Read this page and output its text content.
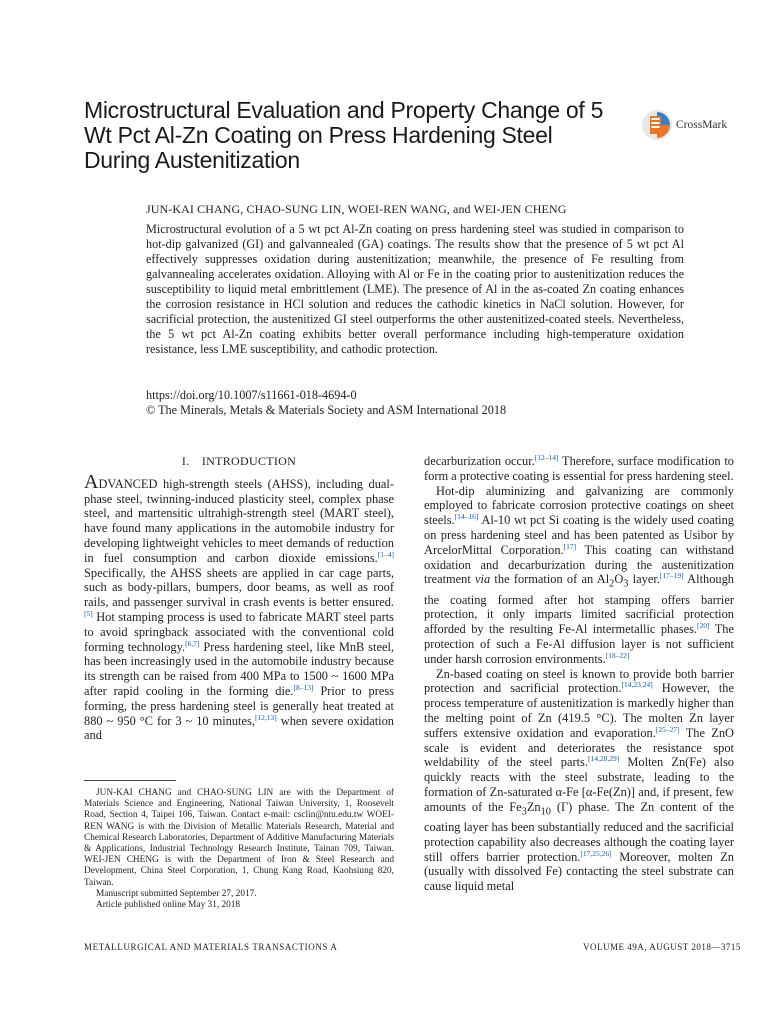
Microstructural Evaluation and Property Change of 5 Wt Pct Al-Zn Coating on Press Hardening Steel During Austenitization
CrossMark
JUN-KAI CHANG, CHAO-SUNG LIN, WOEI-REN WANG, and WEI-JEN CHENG
Microstructural evolution of a 5 wt pct Al-Zn coating on press hardening steel was studied in comparison to hot-dip galvanized (GI) and galvannealed (GA) coatings. The results show that the presence of 5 wt pct Al effectively suppresses oxidation during austenitization; meanwhile, the presence of Fe resulting from galvannealing accelerates oxidation. Alloying with Al or Fe in the coating prior to austenitization reduces the susceptibility to liquid metal embrittlement (LME). The presence of Al in the as-coated Zn coating enhances the corrosion resistance in HCl solution and reduces the cathodic kinetics in NaCl solution. However, for sacrificial protection, the austenitized GI steel outperforms the other austenitized-coated steels. Nevertheless, the 5 wt pct Al-Zn coating exhibits better overall performance including high-temperature oxidation resistance, less LME susceptibility, and cathodic protection.
https://doi.org/10.1007/s11661-018-4694-0
© The Minerals, Metals & Materials Society and ASM International 2018
I. INTRODUCTION

ADVANCED high-strength steels (AHSS), including dual-phase steel, twinning-induced plasticity steel, complex phase steel, and martensitic ultrahigh-strength steel (MART steel), have found many applications in the automobile industry for developing lightweight vehicles to meet demands of reduction in fuel consumption and carbon dioxide emissions.[1–4] Specifically, the AHSS sheets are applied in car cage parts, such as body-pillars, bumpers, door beams, as well as roof rails, and passenger survival in crash events is better ensured.[5] Hot stamping process is used to fabricate MART steel parts to avoid springback associated with the conventional cold forming technology.[6,7] Press hardening steel, like MnB steel, has been increasingly used in the automobile industry because its strength can be raised from 400 MPa to 1500 ~ 1600 MPa after rapid cooling in the forming die.[8–13] Prior to press forming, the press hardening steel is generally heat treated at 880 ~ 950 °C for 3 ~ 10 minutes,[12,13] when severe oxidation and

JUN-KAI CHANG and CHAO-SUNG LIN are with the Department of Materials Science and Engineering, National Taiwan University, 1, Roosevelt Road, Section 4, Taipei 106, Taiwan. Contact e-mail: csclin@ntu.edu.tw WOEI-REN WANG is with the Division of Metallic Materials Research, Material and Chemical Research Laboratories, Department of Additive Manufacturing Materials & Applications, Industrial Technology Research Institute, Tainan 709, Taiwan. WEI-JEN CHENG is with the Department of Iron & Steel Research and Development, China Steel Corporation, 1, Chung Kang Road, Kaohsiung 820, Taiwan.

Manuscript submitted September 27, 2017.

Article published online May 31, 2018

decarburization occur.[12–14] Therefore, surface modification to form a protective coating is essential for press hardening steel.

Hot-dip aluminizing and galvanizing are commonly employed to fabricate corrosion protective coatings on sheet steels.[14–16] Al-10 wt pct Si coating is the widely used coating on press hardening steel and has been patented as Usibor by ArcelorMittal Corporation.[17] This coating can withstand oxidation and decarburization during the austenitization treatment via the formation of an $Al_2O_3$ layer.[17–19] Although the coating formed after hot stamping offers barrier protection, it only imparts limited sacrificial protection afforded by the resulting Fe-Al intermetallic phases.[20] The protection of such a Fe-Al diffusion layer is not sufficient under harsh corrosion environments.[18–22]

Zn-based coating on steel is known to provide both barrier protection and sacrificial protection.[14,23,24] However, the process temperature of austenitization is markedly higher than the melting point of Zn (419.5 °C). The molten Zn layer suffers extensive oxidation and evaporation.[25–27] The ZnO scale is evident and deteriorates the resistance spot weldability of the steel parts.[14,28,29] Molten Zn(Fe) also quickly reacts with the steel substrate, leading to the formation of Zn-saturated α-Fe [α-Fe(Zn)] and, if present, few amounts of the $Fe_3Zn_{10}$ (Γ) phase. The Zn content of the coating layer has been substantially reduced and the sacrificial protection capability also decreases although the coating layer still offers barrier protection.[17,25,26] Moreover, molten Zn (usually with dissolved Fe) contacting the steel substrate can cause liquid metal

METALLURGICAL AND MATERIALS TRANSACTIONS A	VOLUME 49A, AUGUST 2018—3715
